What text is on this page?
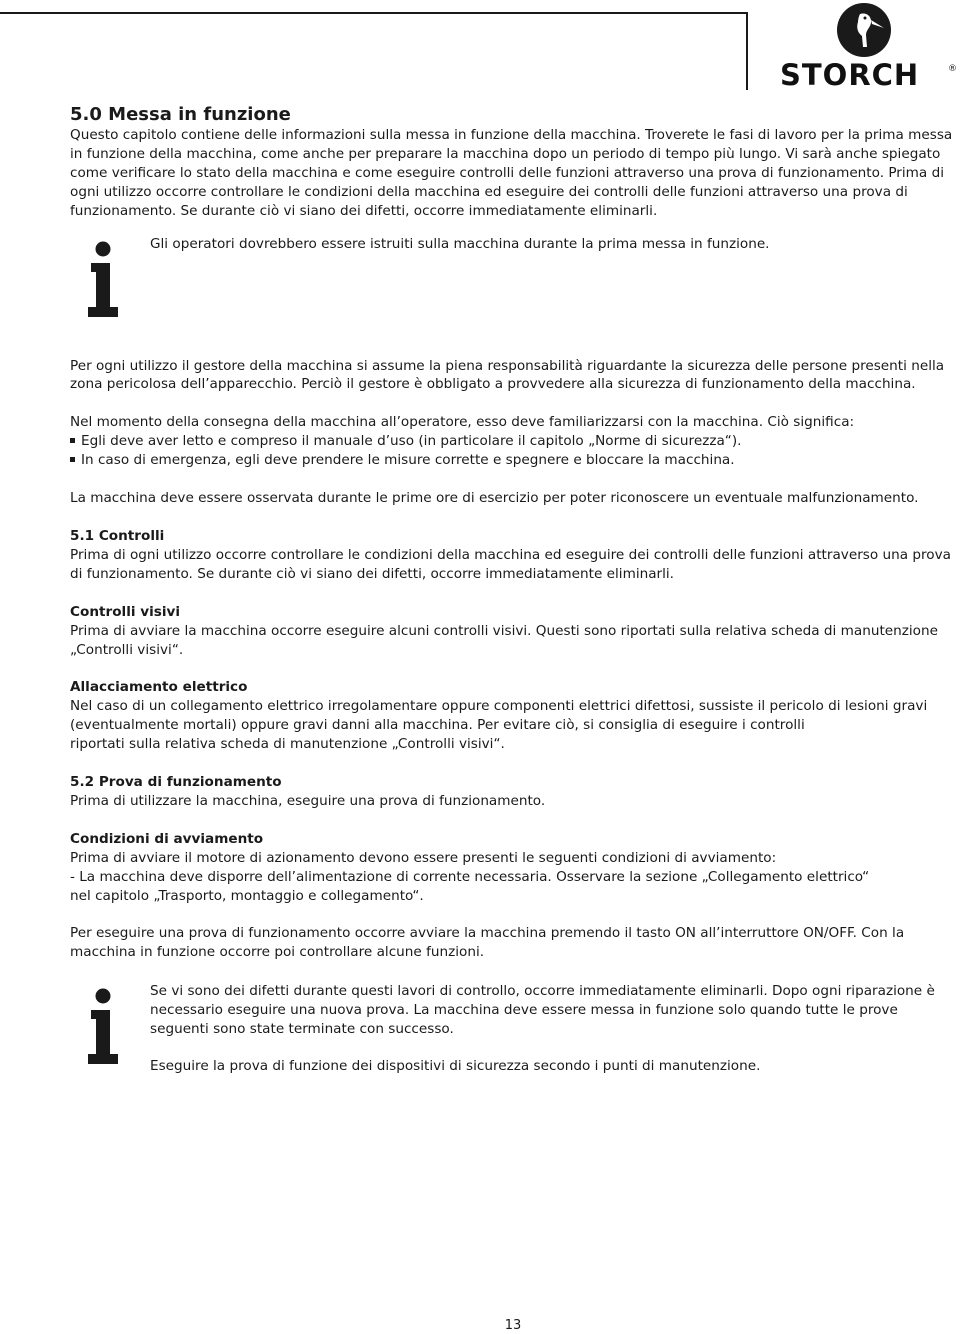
STORCH	®
5.0 Messa in funzione

Questo capitolo contiene delle informazioni sulla messa in funzione della macchina. Troverete le fasi di lavoro per la prima messa in funzione della macchina, come anche per preparare la macchina dopo un periodo di tempo più lungo. Vi sarà anche spiegato come verificare lo stato della macchina e come eseguire controlli delle funzioni attraverso una prova di funzionamento. Prima di ogni utilizzo occorre controllare le condizioni della macchina ed eseguire dei controlli delle funzioni attraverso una prova di funzionamento. Se durante ciò vi siano dei difetti, occorre immediatamente eliminarli.

Gli operatori dovrebbero essere istruiti sulla macchina durante la prima messa in funzione.

Per ogni utilizzo il gestore della macchina si assume la piena responsabilità riguardante la sicurezza delle persone presenti nella zona pericolosa dell’apparecchio. Perciò il gestore è obbligato a provvedere alla sicurezza di funzionamento della macchina.

Nel momento della consegna della macchina all’operatore, esso deve familiarizzarsi con la macchina. Ciò significa:

Egli deve aver letto e compreso il manuale d’uso (in particolare il capitolo „Norme di sicurezza“).

In caso di emergenza, egli deve prendere le misure corrette e spegnere e bloccare la macchina.

La macchina deve essere osservata durante le prime ore di esercizio per poter riconoscere un eventuale malfunzionamento.

5.1 Controlli

Prima di ogni utilizzo occorre controllare le condizioni della macchina ed eseguire dei controlli delle funzioni attraverso una prova di funzionamento. Se durante ciò vi siano dei difetti, occorre immediatamente eliminarli.

Controlli visivi

Prima di avviare la macchina occorre eseguire alcuni controlli visivi. Questi sono riportati sulla relativa scheda di manutenzione „Controlli visivi“.

Allacciamento elettrico

Nel caso di un collegamento elettrico irregolamentare oppure componenti elettrici difettosi, sussiste il pericolo di lesioni gravi

(eventualmente mortali) oppure gravi danni alla macchina. Per evitare ciò, si consiglia di eseguire i controlli

riportati sulla relativa scheda di manutenzione „Controlli visivi“.

5.2 Prova di funzionamento

Prima di utilizzare la macchina, eseguire una prova di funzionamento.

Condizioni di avviamento

Prima di avviare il motore di azionamento devono essere presenti le seguenti condizioni di avviamento:

- La macchina deve disporre dell’alimentazione di corrente necessaria. Osservare la sezione „Collegamento elettrico“

nel capitolo „Trasporto, montaggio e collegamento“.

Per eseguire una prova di funzionamento occorre avviare la macchina premendo il tasto ON all’interruttore ON/OFF. Con la macchina in funzione occorre poi controllare alcune funzioni.

Se vi sono dei difetti durante questi lavori di controllo, occorre immediatamente eliminarli. Dopo ogni riparazione è necessario eseguire una nuova prova. La macchina deve essere messa in funzione solo quando tutte le prove seguenti sono state terminate con successo.

Eseguire la prova di funzione dei dispositivi di sicurezza secondo i punti di manutenzione.

13
